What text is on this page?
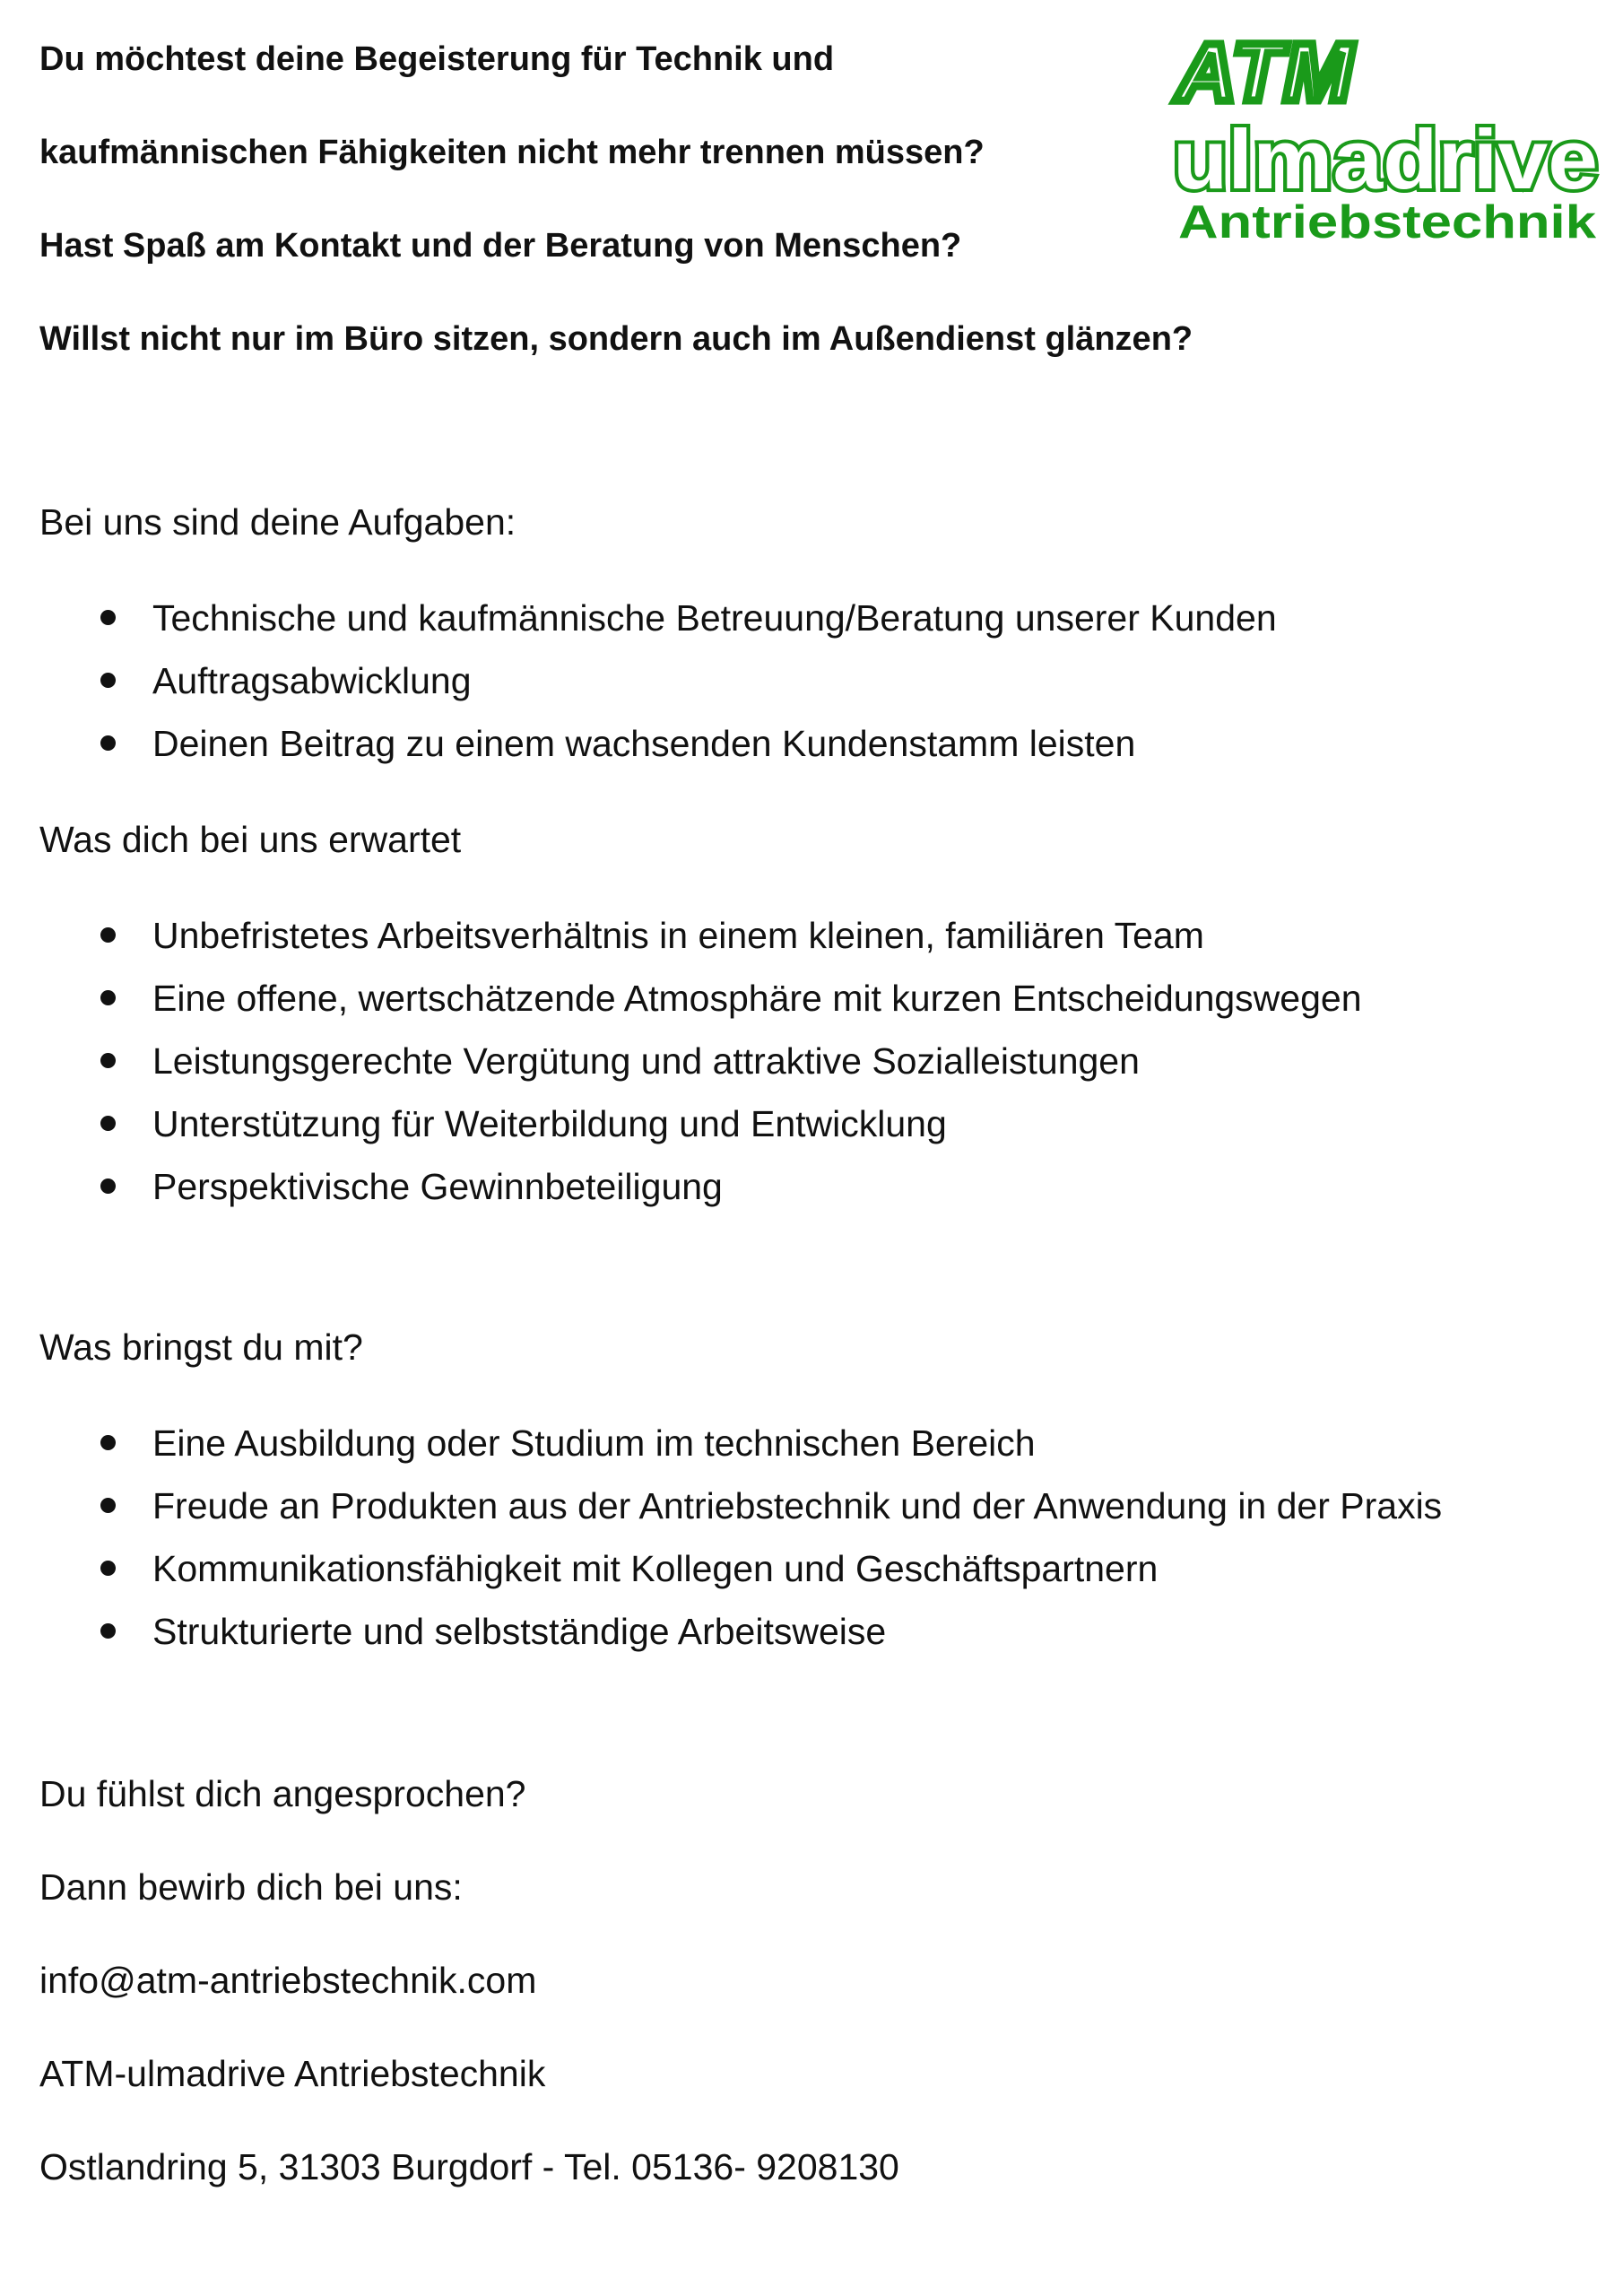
Du möchtest deine Begeisterung für Technik und

kaufmännischen Fähigkeiten nicht mehr trennen müssen?

Hast Spaß am Kontakt und der Beratung von Menschen?

Willst nicht nur im Büro sitzen, sondern auch im Außendienst glänzen?

ATM
ulmadrive
Antriebstechnik
Bei uns sind deine Aufgaben:
Technische und kaufmännische Betreuung/Beratung unserer Kunden
Auftragsabwicklung
Deinen Beitrag zu einem wachsenden Kundenstamm leisten
Was dich bei uns erwartet
Unbefristetes Arbeitsverhältnis in einem kleinen, familiären Team
Eine offene, wertschätzende Atmosphäre mit kurzen Entscheidungswegen
Leistungsgerechte Vergütung und attraktive Sozialleistungen
Unterstützung für Weiterbildung und Entwicklung
Perspektivische Gewinnbeteiligung
Was bringst du mit?
Eine Ausbildung oder Studium im technischen Bereich
Freude an Produkten aus der Antriebstechnik und der Anwendung in der Praxis
Kommunikationsfähigkeit mit Kollegen und Geschäftspartnern
Strukturierte und selbstständige Arbeitsweise

Du fühlst dich angesprochen?

Dann bewirb dich bei uns:

info@atm-antriebstechnik.com

ATM-ulmadrive Antriebstechnik

Ostlandring 5, 31303 Burgdorf - Tel. 05136- 9208130
